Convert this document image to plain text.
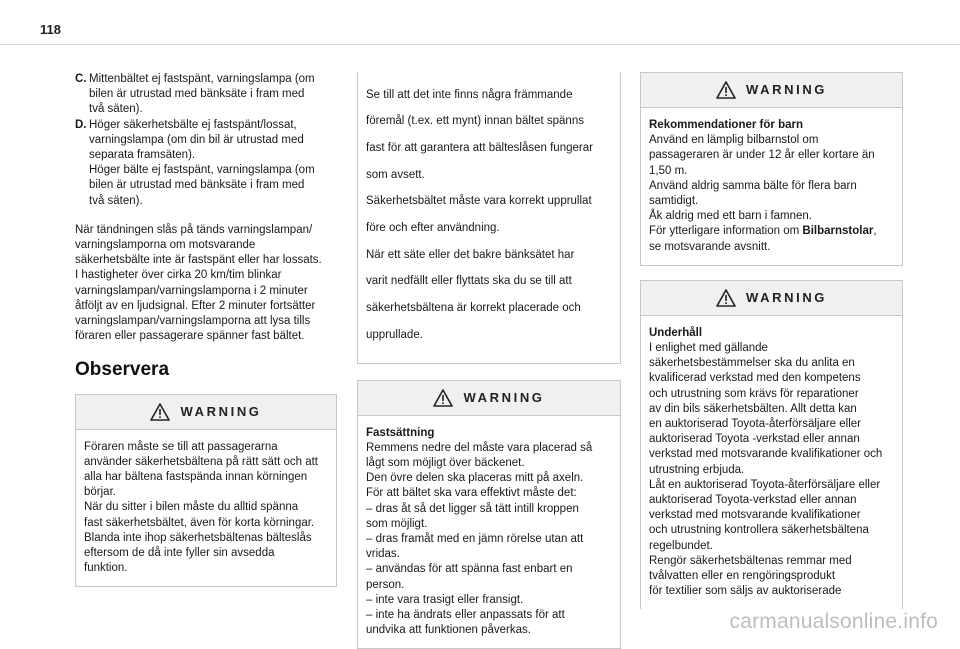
118
C. Mittenbältet ej fastspänt, varningslampa (om

bilen är utrustad med bänksäte i fram med

två säten).

D. Höger säkerhetsbälte ej fastspänt/lossat,

varningslampa (om din bil är utrustad med

separata framsäten).

Höger bälte ej fastspänt, varningslampa (om

bilen är utrustad med bänksäte i fram med

två säten).

När tändningen slås på tänds varningslampan/

varningslamporna om motsvarande

säkerhetsbälte inte är fastspänt eller har lossats.

I hastigheter över cirka 20 km/tim blinkar

varningslampan/varningslamporna i 2 minuter

åtföljt av en ljudsignal. Efter 2 minuter fortsätter

varningslampan/varningslamporna att lysa tills

föraren eller passagerare spänner fast bältet.

Observera
WARNING

Föraren måste se till att passagerarna

använder säkerhetsbältena på rätt sätt och att

alla har bältena fastspända innan körningen

börjar.

När du sitter i bilen måste du alltid spänna

fast säkerhetsbältet, även för korta körningar.

Blanda inte ihop säkerhetsbältenas bälteslås

eftersom de då inte fyller sin avsedda

funktion.

Se till att det inte finns några främmande

föremål (t.ex. ett mynt) innan bältet spänns

fast för att garantera att bälteslåsen fungerar

som avsett.

Säkerhetsbältet måste vara korrekt upprullat

före och efter användning.

När ett säte eller det bakre bänksätet har

varit nedfällt eller flyttats ska du se till att

säkerhetsbältena är korrekt placerade och

upprullade.

WARNING

Fastsättning

Remmens nedre del måste vara placerad så

lågt som möjligt över bäckenet.

Den övre delen ska placeras mitt på axeln.

För att bältet ska vara effektivt måste det:

– dras åt så det ligger så tätt intill kroppen

som möjligt.

– dras framåt med en jämn rörelse utan att

vridas.

– användas för att spänna fast enbart en

person.

– inte vara trasigt eller fransigt.

– inte ha ändrats eller anpassats för att

undvika att funktionen påverkas.

WARNING

Rekommendationer för barn

Använd en lämplig bilbarnstol om

passageraren är under 12 år eller kortare än

1,50 m.

Använd aldrig samma bälte för flera barn

samtidigt.

Åk aldrig med ett barn i famnen.

För ytterligare information om Bilbarnstolar,

se motsvarande avsnitt.

WARNING

Underhåll

I enlighet med gällande

säkerhetsbestämmelser ska du anlita en

kvalificerad verkstad med den kompetens

och utrustning som krävs för reparationer

av din bils säkerhetsbälten. Allt detta kan

en auktoriserad Toyota-återförsäljare eller

auktoriserad Toyota -verkstad eller annan

verkstad med motsvarande kvalifikationer och

utrustning erbjuda.

Låt en auktoriserad Toyota-återförsäljare eller

auktoriserad Toyota-verkstad eller annan

verkstad med motsvarande kvalifikationer

och utrustning kontrollera säkerhetsbältena

regelbundet.

Rengör säkerhetsbältenas remmar med

tvålvatten eller en rengöringsprodukt

för textilier som säljs av auktoriserade

carmanualsonline.info
